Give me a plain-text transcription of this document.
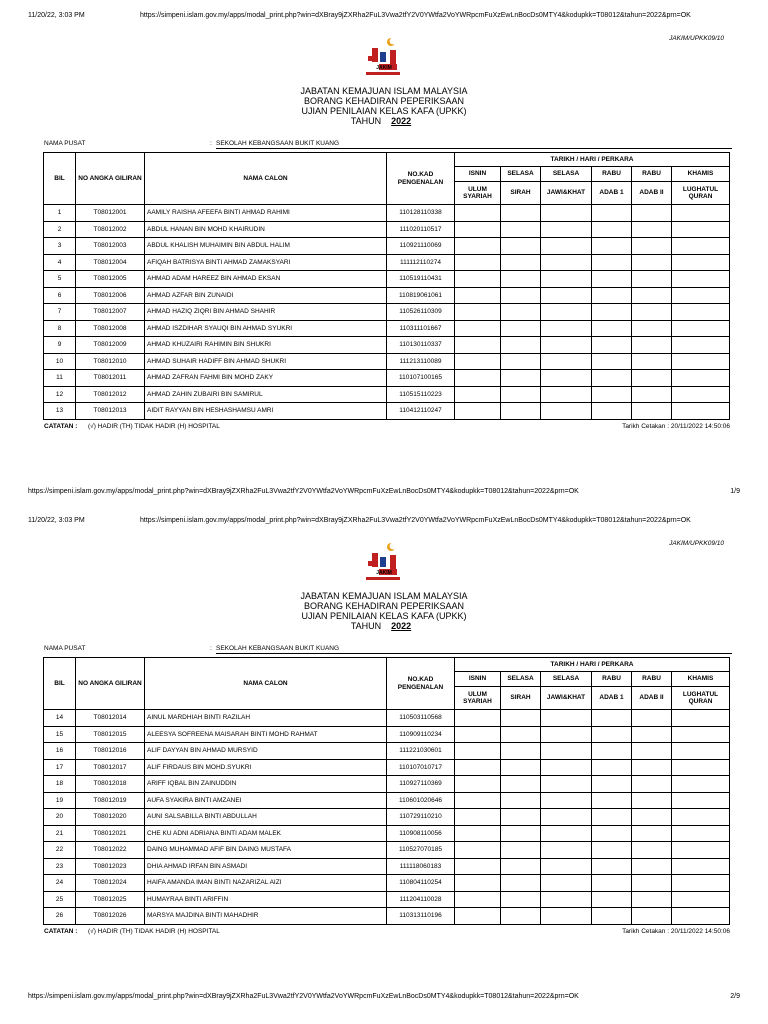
11/20/22, 3:03 PM	https://simpeni.islam.gov.my/apps/modal_print.php?win=dXBray9jZXRha2FuL3Vwa2tfY2V0YWtfa2VoYWRpcmFuXzEwLnBocDs0MTY4&kodupkk=T08012&tahun=2022&prn=OK
JAKIM/UPKK09/10
JAKIM
JABATAN KEMAJUAN ISLAM MALAYSIA
BORANG KEHADIRAN PEPERIKSAAN
UJIAN PENILAIAN KELAS KAFA (UPKK)
TAHUN 2022
NAMA PUSAT	: SEKOLAH KEBANGSAAN BUKIT KUANG
BIL	NO ANGKA GILIRAN	NAMA CALON	NO.KAD PENGENALAN	TARIKH / HARI / PERKARA					
				ISNIN	SELASA	SELASA	RABU	RABU	KHAMIS
				ULUM SYARIAH	SIRAH	JAWI&KHAT	ADAB 1	ADAB II	LUGHATUL QURAN
1	T08012001	AAMILY RAISHA AFEEFA BINTI AHMAD RAHIMI	110128110338						
2	T08012002	ABDUL HANAN BIN MOHD KHAIRUDIN	111020110517						
3	T08012003	ABDUL KHALISH MUHAIMIN BIN ABDUL HALIM	110921110069						
4	T08012004	AFIQAH BATRISYA BINTI AHMAD ZAMAKSYARI	111112110274						
5	T08012005	AHMAD ADAM HAREEZ BIN AHMAD EKSAN	110519110431						
6	T08012006	AHMAD AZFAR BIN ZUNAIDI	110819061061						
7	T08012007	AHMAD HAZIQ ZIQRI BIN AHMAD SHAHIR	110526110309						
8	T08012008	AHMAD ISZDIHAR SYAUQI BIN AHMAD SYUKRI	110311101667						
9	T08012009	AHMAD KHUZAIRI RAHIMIN BIN SHUKRI	110130110337						
10	T08012010	AHMAD SUHAIR HADIFF BIN AHMAD SHUKRI	111213110089						
11	T08012011	AHMAD ZAFRAN FAHMI BIN MOHD ZAKY	110107100165						
12	T08012012	AHMAD ZAHIN ZUBAIRI BIN SAMIRUL	110515110223						
13	T08012013	AIDIT RAYYAN BIN HESHASHAMSU AMRI	110412110247						
CATATAN : (√) HADIR (TH) TIDAK HADIR (H) HOSPITAL	Tarikh Cetakan : 20/11/2022 14:50:06
https://simpeni.islam.gov.my/apps/modal_print.php?win=dXBray9jZXRha2FuL3Vwa2tfY2V0YWtfa2VoYWRpcmFuXzEwLnBocDs0MTY4&kodupkk=T08012&tahun=2022&prn=OK	1/9
11/20/22, 3:03 PM	https://simpeni.islam.gov.my/apps/modal_print.php?win=dXBray9jZXRha2FuL3Vwa2tfY2V0YWtfa2VoYWRpcmFuXzEwLnBocDs0MTY4&kodupkk=T08012&tahun=2022&prn=OK
JAKIM/UPKK09/10
JAKIM
JABATAN KEMAJUAN ISLAM MALAYSIA
BORANG KEHADIRAN PEPERIKSAAN
UJIAN PENILAIAN KELAS KAFA (UPKK)
TAHUN 2022
NAMA PUSAT	: SEKOLAH KEBANGSAAN BUKIT KUANG
BIL	NO ANGKA GILIRAN	NAMA CALON	NO.KAD PENGENALAN	TARIKH / HARI / PERKARA					
				ISNIN	SELASA	SELASA	RABU	RABU	KHAMIS
				ULUM SYARIAH	SIRAH	JAWI&KHAT	ADAB 1	ADAB II	LUGHATUL QURAN
14	T08012014	AINUL MARDHIAH BINTI RAZILAH	110503110568						
15	T08012015	ALEESYA SOFREENA MAISARAH BINTI MOHD RAHMAT	110909110234						
16	T08012016	ALIF DAYYAN BIN AHMAD MURSYID	111221030601						
17	T08012017	ALIF FIRDAUS BIN MOHD.SYUKRI	110107010717						
18	T08012018	ARIFF IQBAL BIN ZAINUDDIN	110927110369						
19	T08012019	AUFA SYAKIRA BINTI AMZANEI	110601020646						
20	T08012020	AUNI SALSABILLA BINTI ABDULLAH	110729110210						
21	T08012021	CHE KU ADNI ADRIANA BINTI ADAM MALEK	110908110056						
22	T08012022	DAING MUHAMMAD AFIF BIN DAING MUSTAFA	110527070185						
23	T08012023	DHIA AHMAD IRFAN BIN ASMADI	111118060183						
24	T08012024	HAIFA AMANDA IMAN BINTI NAZARIZAL AIZI	110804110254						
25	T08012025	HUMAYRAA BINTI ARIFFIN	111204110028						
26	T08012026	MARSYA MAJDINA BINTI MAHADHIR	110313110196						
CATATAN : (√) HADIR (TH) TIDAK HADIR (H) HOSPITAL	Tarikh Cetakan : 20/11/2022 14:50:06
https://simpeni.islam.gov.my/apps/modal_print.php?win=dXBray9jZXRha2FuL3Vwa2tfY2V0YWtfa2VoYWRpcmFuXzEwLnBocDs0MTY4&kodupkk=T08012&tahun=2022&prn=OK	2/9
